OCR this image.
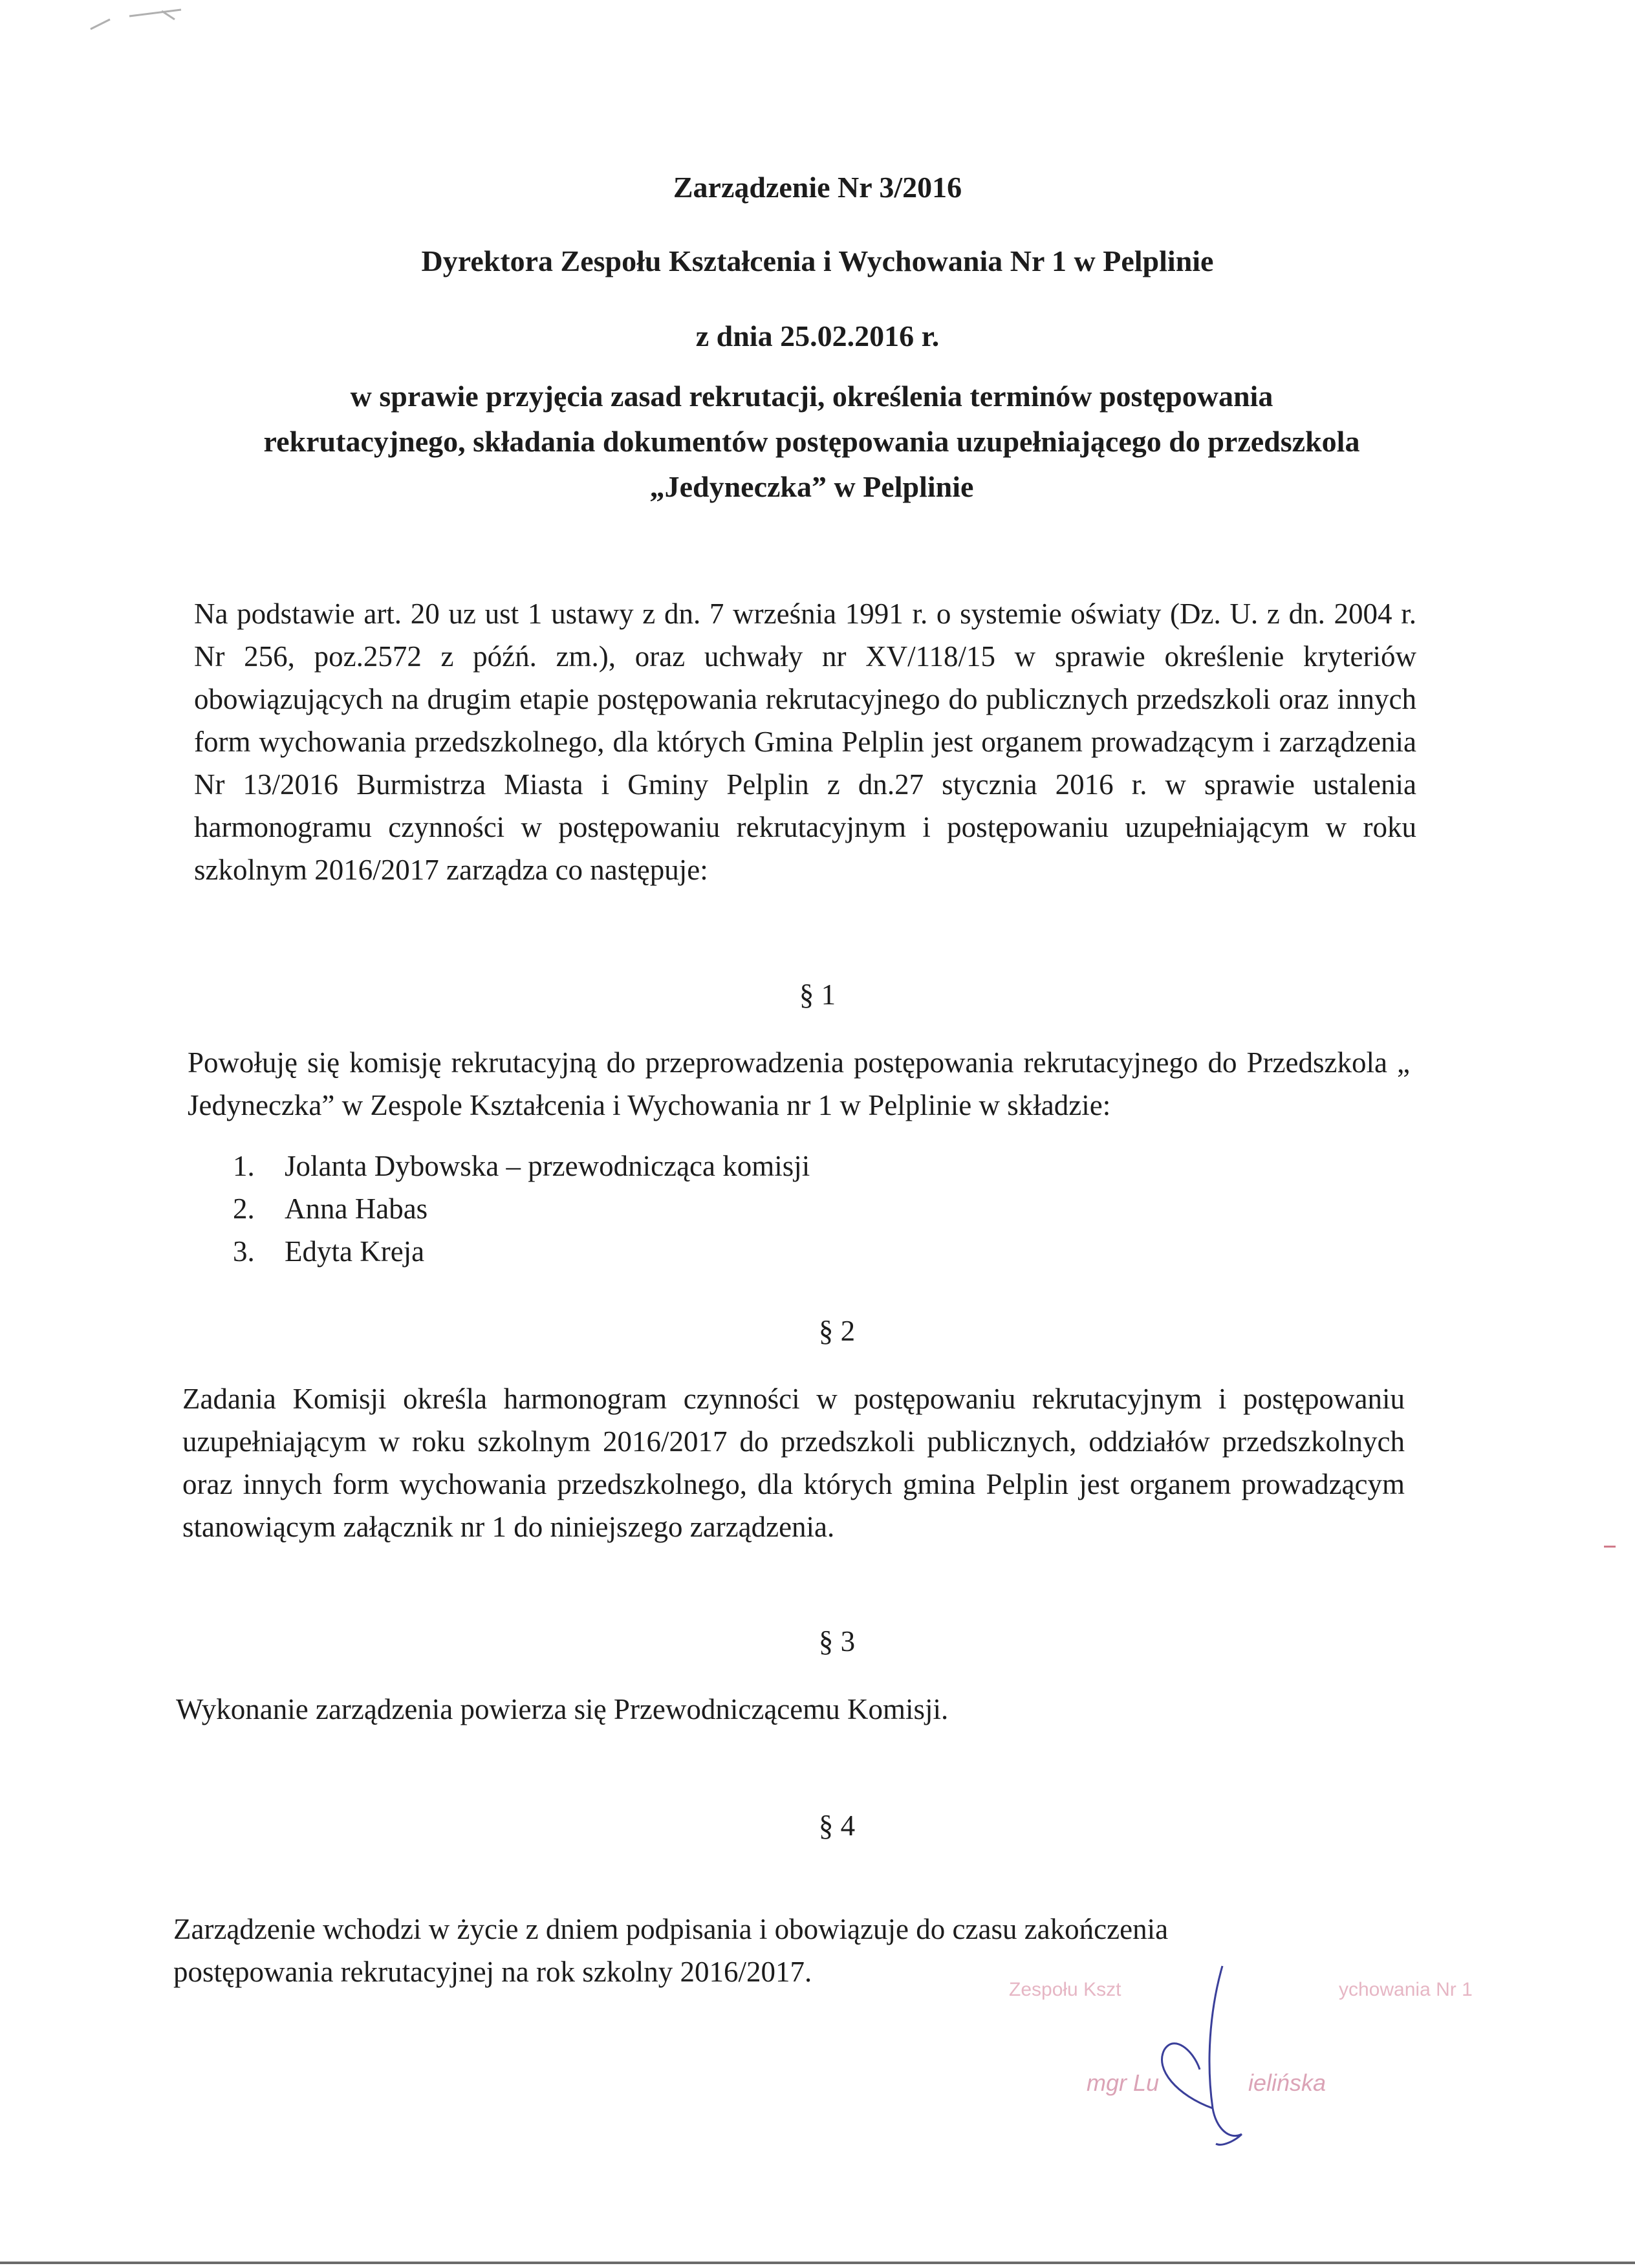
Zarządzenie Nr 3/2016

Dyrektora Zespołu Kształcenia i Wychowania Nr 1 w Pelplinie

z dnia 25.02.2016 r.

w sprawie przyjęcia zasad rekrutacji, określenia terminów postępowania
rekrutacyjnego, składania dokumentów postępowania uzupełniającego do przedszkola
„Jedyneczka” w Pelplinie

Na podstawie art. 20 uz ust 1 ustawy z dn. 7 września 1991 r. o systemie oświaty (Dz. U. z dn. 2004 r. Nr 256, poz.2572 z późń. zm.), oraz uchwały nr XV/118/15 w sprawie określenie kryteriów obowiązujących na drugim etapie postępowania rekrutacyjnego do publicznych przedszkoli oraz innych form wychowania przedszkolnego, dla których Gmina Pelplin jest organem prowadzącym i zarządzenia Nr 13/2016 Burmistrza Miasta i Gminy Pelplin z dn.27 stycznia 2016 r. w sprawie ustalenia harmonogramu czynności w postępowaniu rekrutacyjnym i postępowaniu uzupełniającym w roku szkolnym 2016/2017 zarządza co następuje:

§ 1

Powołuję się komisję rekrutacyjną do przeprowadzenia postępowania rekrutacyjnego do Przedszkola „ Jedyneczka” w Zespole Kształcenia i Wychowania nr 1 w Pelplinie w składzie:

1.	Jolanta Dybowska – przewodnicząca komisji
2.	Anna Habas
3.	Edyta Kreja

§ 2

Zadania Komisji określa harmonogram czynności w postępowaniu rekrutacyjnym i postępowaniu uzupełniającym w roku szkolnym 2016/2017 do przedszkoli publicznych, oddziałów przedszkolnych oraz innych form wychowania przedszkolnego, dla których gmina Pelplin jest organem prowadzącym stanowiącym załącznik nr 1 do niniejszego zarządzenia.

§ 3

Wykonanie zarządzenia powierza się Przewodniczącemu Komisji.

§ 4

Zarządzenie wchodzi w życie z dniem podpisania i obowiązuje do czasu zakończenia postępowania rekrutacyjnej na rok szkolny 2016/2017.

Zespołu Kszt	ychowania Nr 1
mgr Lu	ielińska
